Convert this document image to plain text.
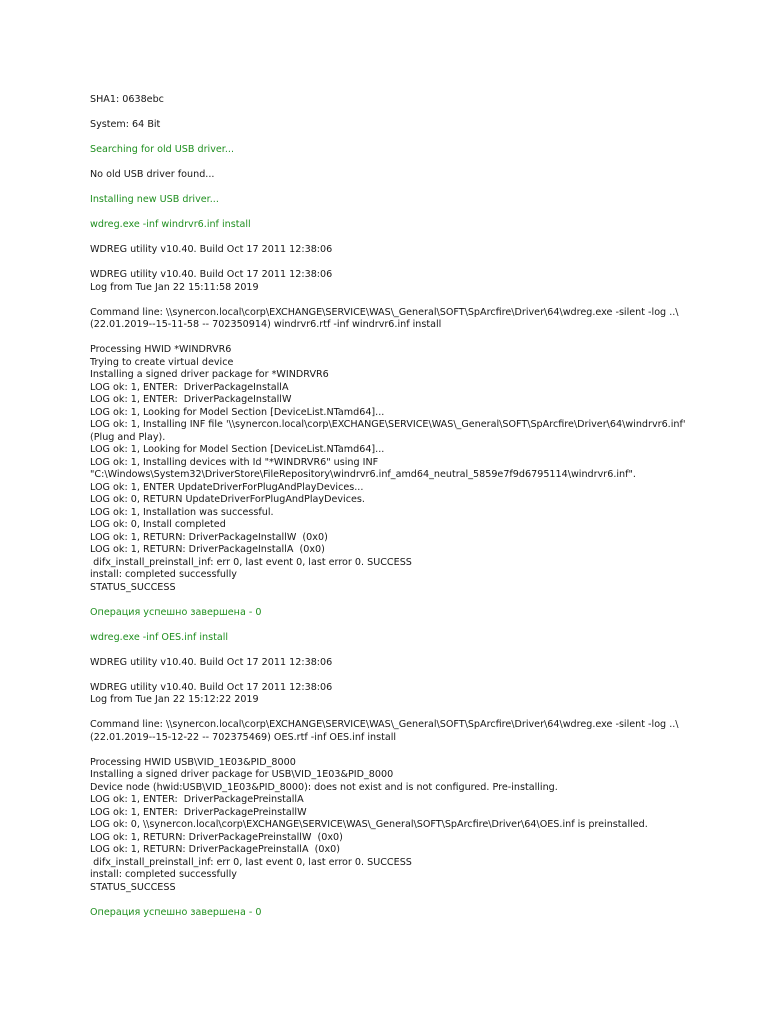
SHA1: 0638ebc
System: 64 Bit
Searching for old USB driver...
No old USB driver found...
Installing new USB driver...
wdreg.exe -inf windrvr6.inf install
WDREG utility v10.40. Build Oct 17 2011 12:38:06
WDREG utility v10.40. Build Oct 17 2011 12:38:06
Log from Tue Jan 22 15:11:58 2019
Command line: \\synercon.local\corp\EXCHANGE\SERVICE\WAS\_General\SOFT\SpArcfire\Driver\64\wdreg.exe -silent -log ..\
(22.01.2019--15-11-58 -- 702350914) windrvr6.rtf -inf windrvr6.inf install
Processing HWID *WINDRVR6
Trying to create virtual device
Installing a signed driver package for *WINDRVR6
LOG ok: 1, ENTER:  DriverPackageInstallA
LOG ok: 1, ENTER:  DriverPackageInstallW
LOG ok: 1, Looking for Model Section [DeviceList.NTamd64]...
LOG ok: 1, Installing INF file '\\synercon.local\corp\EXCHANGE\SERVICE\WAS\_General\SOFT\SpArcfire\Driver\64\windrvr6.inf'
(Plug and Play).
LOG ok: 1, Looking for Model Section [DeviceList.NTamd64]...
LOG ok: 1, Installing devices with Id "*WINDRVR6" using INF
"C:\Windows\System32\DriverStore\FileRepository\windrvr6.inf_amd64_neutral_5859e7f9d6795114\windrvr6.inf".
LOG ok: 1, ENTER UpdateDriverForPlugAndPlayDevices...
LOG ok: 0, RETURN UpdateDriverForPlugAndPlayDevices.
LOG ok: 1, Installation was successful.
LOG ok: 0, Install completed
LOG ok: 1, RETURN: DriverPackageInstallW  (0x0)
LOG ok: 1, RETURN: DriverPackageInstallA  (0x0)
difx_install_preinstall_inf: err 0, last event 0, last error 0. SUCCESS
install: completed successfully
STATUS_SUCCESS
Операция успешно завершена - 0
wdreg.exe -inf OES.inf install
WDREG utility v10.40. Build Oct 17 2011 12:38:06
WDREG utility v10.40. Build Oct 17 2011 12:38:06
Log from Tue Jan 22 15:12:22 2019
Command line: \\synercon.local\corp\EXCHANGE\SERVICE\WAS\_General\SOFT\SpArcfire\Driver\64\wdreg.exe -silent -log ..\
(22.01.2019--15-12-22 -- 702375469) OES.rtf -inf OES.inf install
Processing HWID USB\VID_1E03&PID_8000
Installing a signed driver package for USB\VID_1E03&PID_8000
Device node (hwid:USB\VID_1E03&PID_8000): does not exist and is not configured. Pre-installing.
LOG ok: 1, ENTER:  DriverPackagePreinstallA
LOG ok: 1, ENTER:  DriverPackagePreinstallW
LOG ok: 0, \\synercon.local\corp\EXCHANGE\SERVICE\WAS\_General\SOFT\SpArcfire\Driver\64\OES.inf is preinstalled.
LOG ok: 1, RETURN: DriverPackagePreinstallW  (0x0)
LOG ok: 1, RETURN: DriverPackagePreinstallA  (0x0)
difx_install_preinstall_inf: err 0, last event 0, last error 0. SUCCESS
install: completed successfully
STATUS_SUCCESS
Операция успешно завершена - 0
